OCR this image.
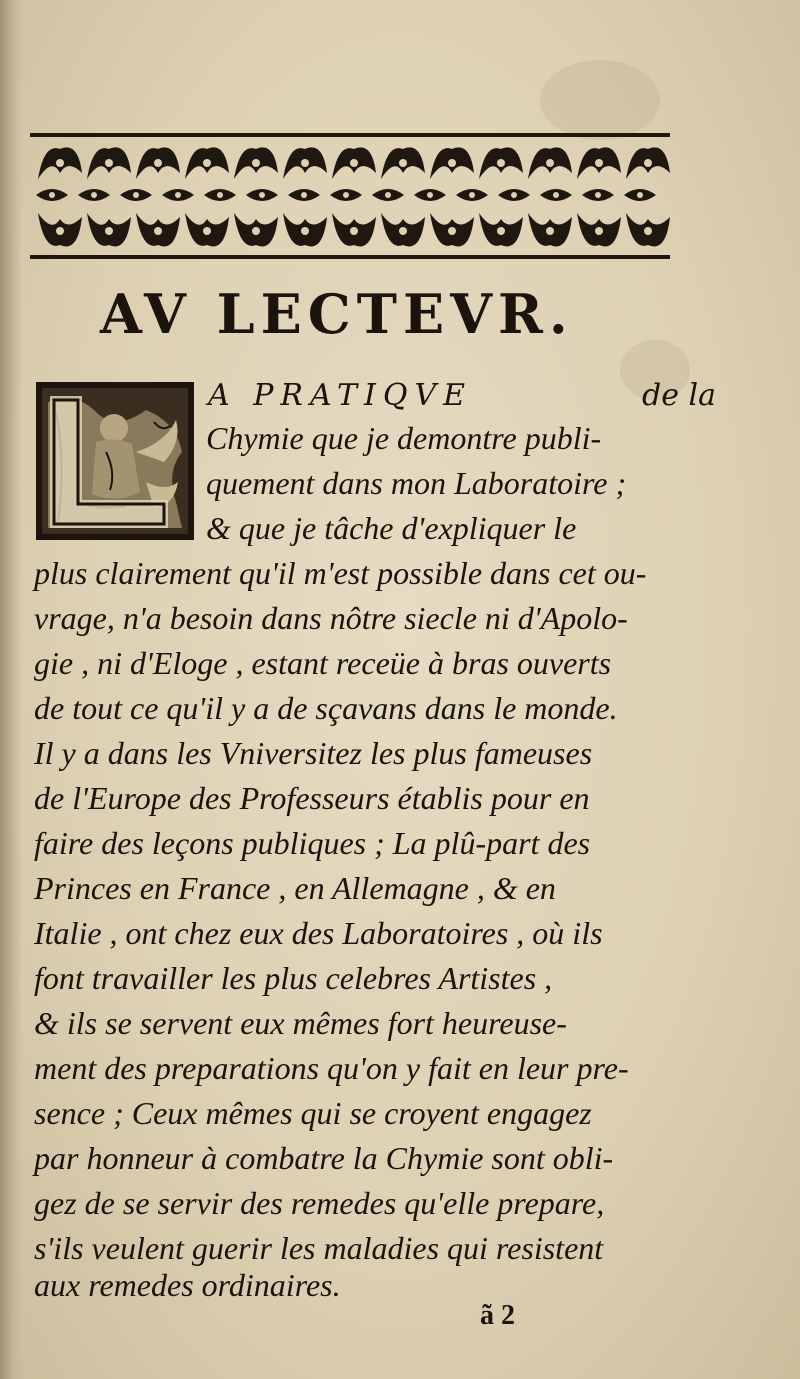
AV LECTEVR.
A PRATIQVE	de la
Chymie que je demontre publi-
quement dans mon Laboratoire ;
& que je tâche d'expliquer le
plus clairement qu'il m'est possible dans cet ou-
vrage, n'a besoin dans nôtre siecle ni d'Apolo-
gie , ni d'Eloge , estant receüe à bras ouverts
de tout ce qu'il y a de sçavans dans le monde.
Il y a dans les Vniversitez les plus fameuses
de l'Europe des Professeurs établis pour en
faire des leçons publiques ; La plû-part des
Princes en France , en Allemagne , & en
Italie , ont chez eux des Laboratoires , où ils
font travailler les plus celebres Artistes ,
& ils se servent eux mêmes fort heureuse-
ment des preparations qu'on y fait en leur pre-
sence ; Ceux mêmes qui se croyent engagez
par honneur à combatre la Chymie sont obli-
gez de se servir des remedes qu'elle prepare,
s'ils veulent guerir les maladies qui resistent
aux remedes ordinaires.
ã 2
